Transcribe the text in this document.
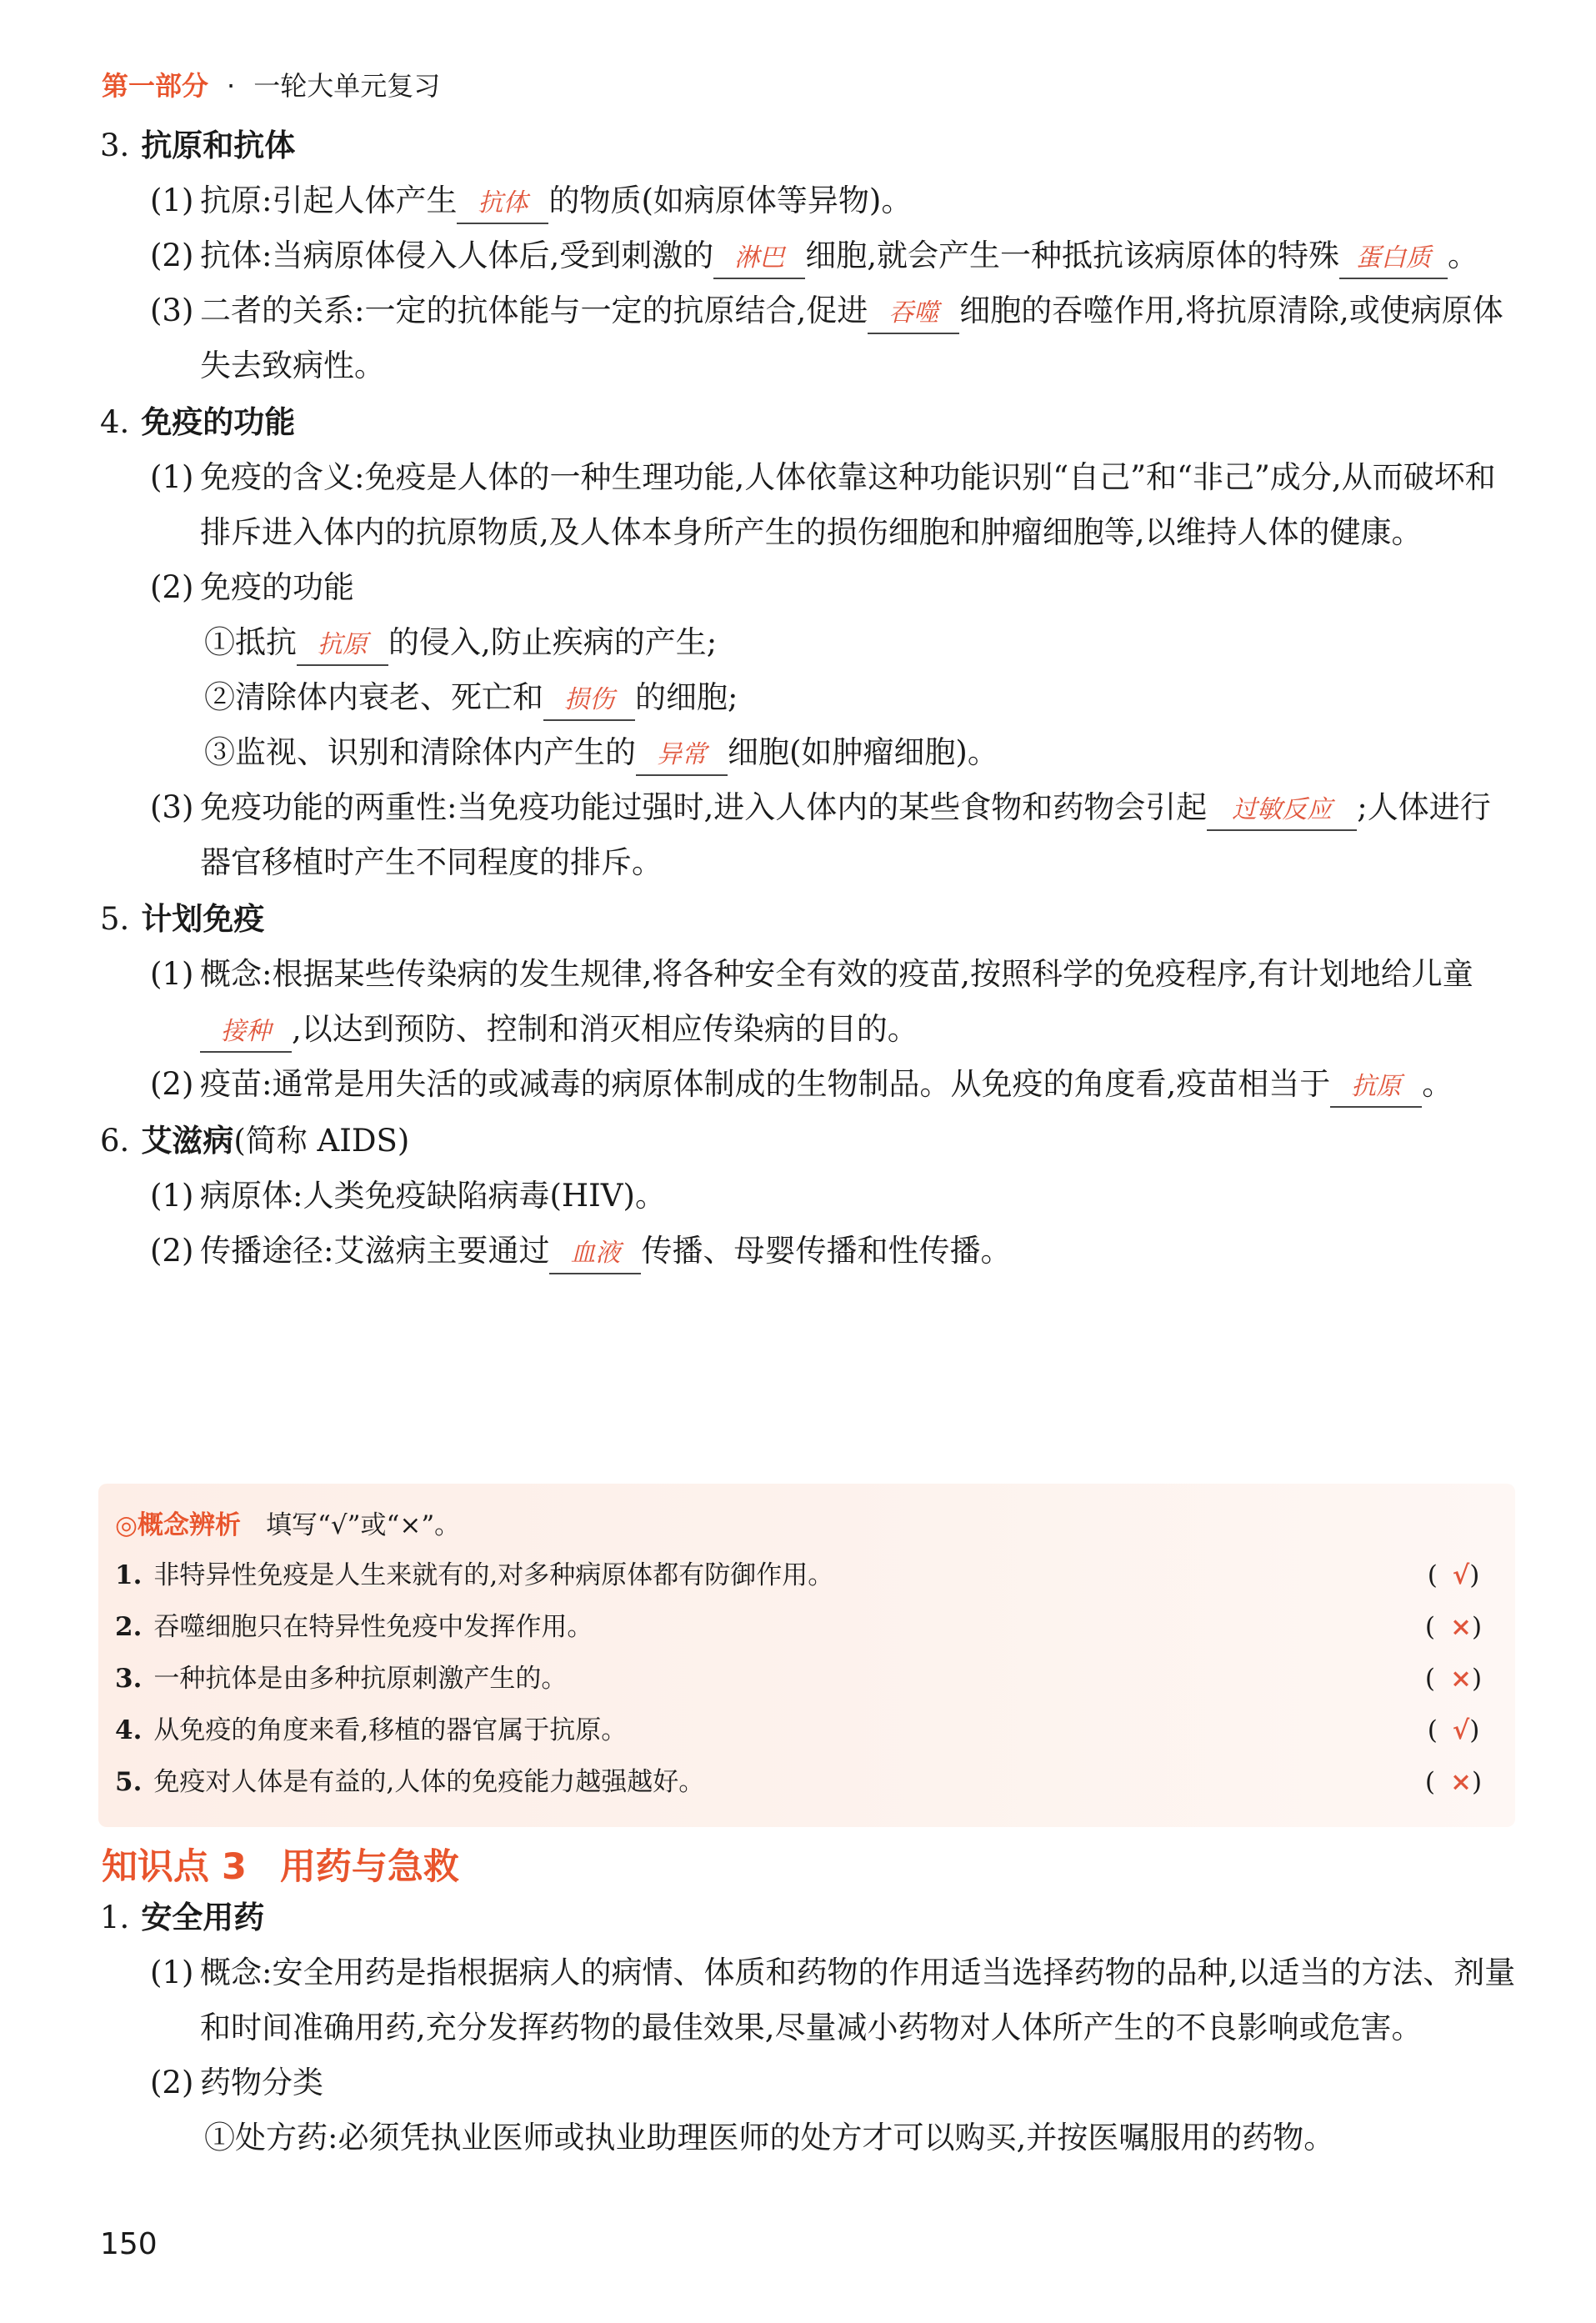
第一部分 · 一轮大单元复习
3. 抗原和抗体

(1) 抗原:引起人体产生 抗体 的物质(如病原体等异物)。

(2) 抗体:当病原体侵入人体后,受到刺激的 淋巴 细胞,就会产生一种抵抗该病原体的特殊 蛋白质 。

(3) 二者的关系:一定的抗体能与一定的抗原结合,促进 吞噬 细胞的吞噬作用,将抗原清除,或使病原体失去致病性。

4. 免疫的功能

(1) 免疫的含义:免疫是人体的一种生理功能,人体依靠这种功能识别“自己”和“非己”成分,从而破坏和排斥进入体内的抗原物质,及人体本身所产生的损伤细胞和肿瘤细胞等,以维持人体的健康。

(2) 免疫的功能

①抵抗 抗原 的侵入,防止疾病的产生;

②清除体内衰老、死亡和 损伤 的细胞;

③监视、识别和清除体内产生的 异常 细胞(如肿瘤细胞)。

(3) 免疫功能的两重性:当免疫功能过强时,进入人体内的某些食物和药物会引起 过敏反应 ;人体进行器官移植时产生不同程度的排斥。

5. 计划免疫

(1) 概念:根据某些传染病的发生规律,将各种安全有效的疫苗,按照科学的免疫程序,有计划地给儿童接种 ,以达到预防、控制和消灭相应传染病的目的。

(2) 疫苗:通常是用失活的或减毒的病原体制成的生物制品。从免疫的角度看,疫苗相当于 抗原 。

6. 艾滋病(简称 AIDS)

(1) 病原体:人类免疫缺陷病毒(HIV)。

(2) 传播途径:艾滋病主要通过 血液 传播、母婴传播和性传播。

◎概念辨析 填写“√”或“×”。
1. 非特异性免疫是人生来就有的,对多种病原体都有防御作用。	(√)
2. 吞噬细胞只在特异性免疫中发挥作用。	(×)
3. 一种抗体是由多种抗原刺激产生的。	(×)
4. 从免疫的角度来看,移植的器官属于抗原。	(√)
5. 免疫对人体是有益的,人体的免疫能力越强越好。	(×)
知识点 3 用药与急救
1. 安全用药

(1) 概念:安全用药是指根据病人的病情、体质和药物的作用适当选择药物的品种,以适当的方法、剂量和时间准确用药,充分发挥药物的最佳效果,尽量减小药物对人体所产生的不良影响或危害。

(2) 药物分类

①处方药:必须凭执业医师或执业助理医师的处方才可以购买,并按医嘱服用的药物。

150
